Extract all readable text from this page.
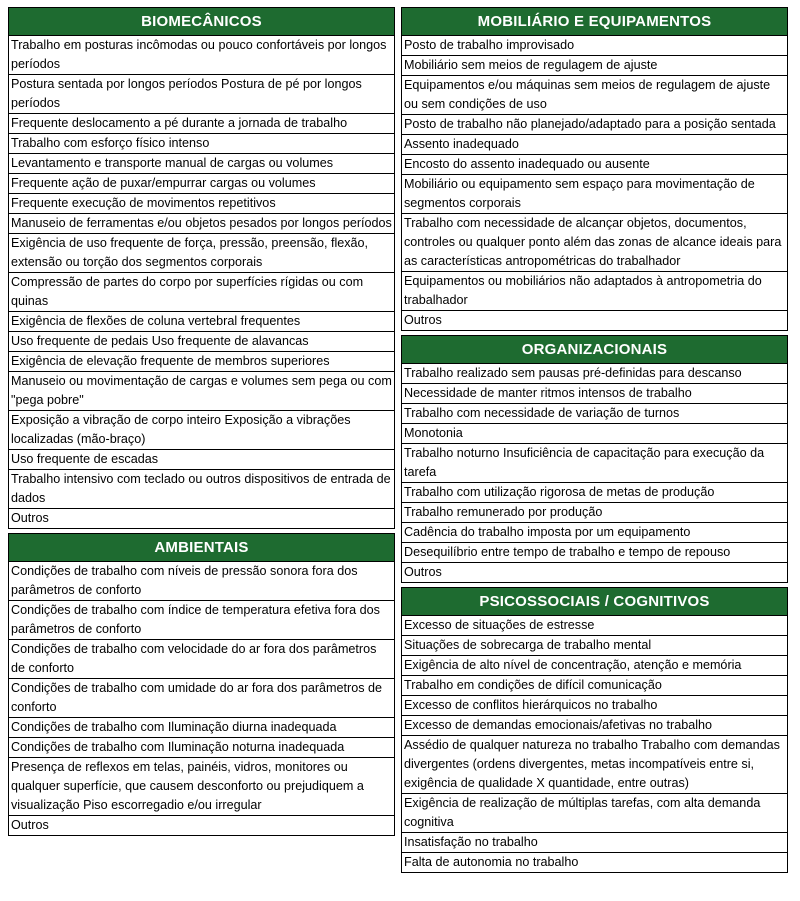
BIOMECÂNICOS
Trabalho em posturas incômodas ou pouco confortáveis por longos períodos
Postura sentada por longos períodos Postura de pé por longos períodos
Frequente deslocamento a pé durante a jornada de trabalho
Trabalho com esforço físico intenso
Levantamento e transporte manual de cargas ou volumes
Frequente ação de puxar/empurrar cargas ou volumes
Frequente execução de movimentos repetitivos
Manuseio de ferramentas e/ou objetos pesados por longos períodos
Exigência de uso frequente de força, pressão, preensão, flexão, extensão ou torção dos segmentos corporais
Compressão de partes do corpo por superfícies rígidas ou com quinas
Exigência de flexões de coluna vertebral frequentes
Uso frequente de pedais Uso frequente de alavancas
Exigência de elevação frequente de membros superiores
Manuseio ou movimentação de cargas e volumes sem pega ou com "pega pobre"
Exposição a vibração de corpo inteiro Exposição a vibrações localizadas (mão-braço)
Uso frequente de escadas
Trabalho intensivo com teclado ou outros dispositivos de entrada de dados
Outros
AMBIENTAIS
Condições de trabalho com níveis de pressão sonora fora dos parâmetros de conforto
Condições de trabalho com índice de temperatura efetiva fora dos parâmetros de conforto
Condições de trabalho com velocidade do ar fora dos parâmetros de conforto
Condições de trabalho com umidade do ar fora dos parâmetros de conforto
Condições de trabalho com Iluminação diurna inadequada
Condições de trabalho com Iluminação noturna inadequada
Presença de reflexos em telas, painéis, vidros, monitores ou qualquer superfície, que causem desconforto ou prejudiquem a visualização Piso escorregadio e/ou irregular
Outros
MOBILIÁRIO E EQUIPAMENTOS
Posto de trabalho improvisado
Mobiliário sem meios de regulagem de ajuste
Equipamentos e/ou máquinas sem meios de regulagem de ajuste ou sem condições de uso
Posto de trabalho não planejado/adaptado para a posição sentada
Assento inadequado
Encosto do assento inadequado ou ausente
Mobiliário ou equipamento sem espaço para movimentação de segmentos corporais
Trabalho com necessidade de alcançar objetos, documentos, controles ou qualquer ponto além das zonas de alcance ideais para as características antropométricas do trabalhador
Equipamentos ou mobiliários não adaptados à antropometria do trabalhador
Outros
ORGANIZACIONAIS
Trabalho realizado sem pausas pré-definidas para descanso
Necessidade de manter ritmos intensos de trabalho
Trabalho com necessidade de variação de turnos
Monotonia
Trabalho noturno Insuficiência de capacitação para execução da tarefa
Trabalho com utilização rigorosa de metas de produção
Trabalho remunerado por produção
Cadência do trabalho imposta por um equipamento
Desequilíbrio entre tempo de trabalho e tempo de repouso
Outros
PSICOSSOCIAIS / COGNITIVOS
Excesso de situações de estresse
Situações de sobrecarga de trabalho mental
Exigência de alto nível de concentração, atenção e memória
Trabalho em condições de difícil comunicação
Excesso de conflitos hierárquicos no trabalho
Excesso de demandas emocionais/afetivas no trabalho
Assédio de qualquer natureza no trabalho Trabalho com demandas divergentes (ordens divergentes, metas incompatíveis entre si, exigência de qualidade X quantidade, entre outras)
Exigência de realização de múltiplas tarefas, com alta demanda cognitiva
Insatisfação no trabalho
Falta de autonomia no trabalho
